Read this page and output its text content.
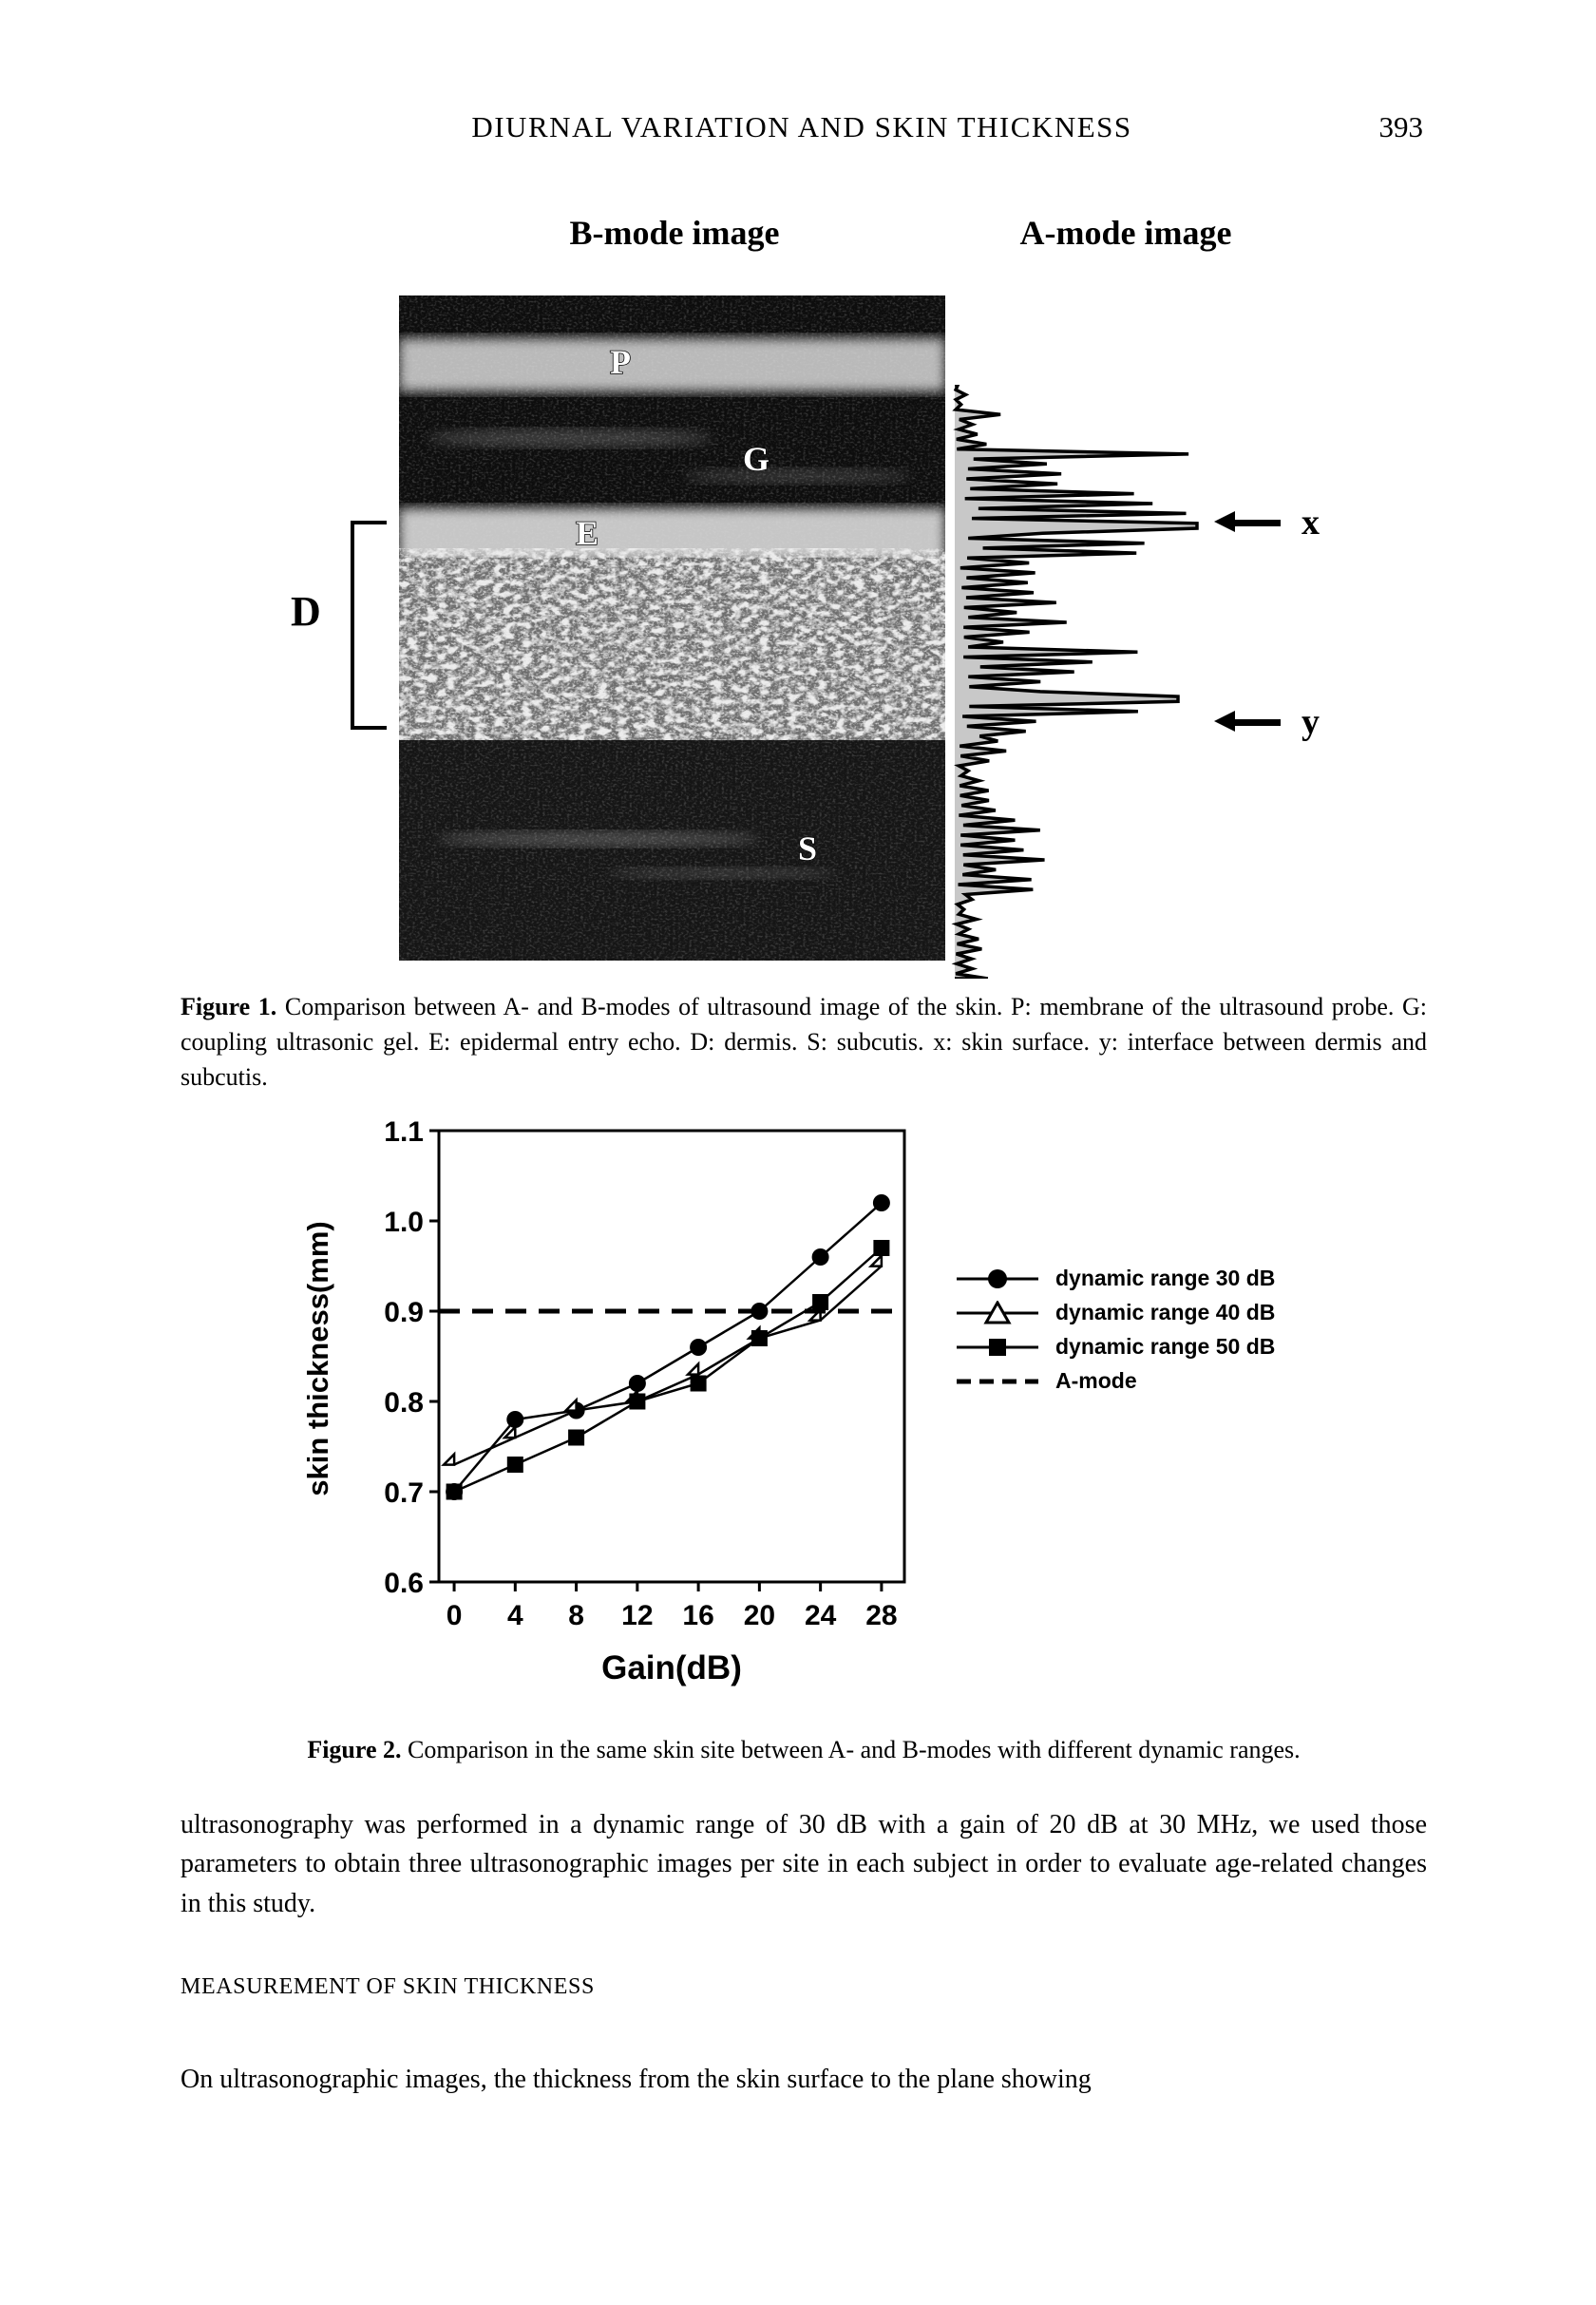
DIURNAL VARIATION AND SKIN THICKNESS	393
B-mode image	A-mode image
P
G
E
S
D
x
y

Figure 1. Comparison between A- and B-modes of ultrasound image of the skin. P: membrane of the ultrasound probe. G: coupling ultrasonic gel. E: epidermal entry echo. D: dermis. S: subcutis. x: skin surface. y: interface between dermis and subcutis.

0.6
0.7
0.8
0.9
1.0
1.1
0 4 8 12 16 20 24 28
skin thickness(mm)
Gain(dB)
dynamic range 30 dB
dynamic range 40 dB
dynamic range 50 dB
A-mode

Figure 2. Comparison in the same skin site between A- and B-modes with different dynamic ranges.

ultrasonography was performed in a dynamic range of 30 dB with a gain of 20 dB at 30 MHz, we used those parameters to obtain three ultrasonographic images per site in each subject in order to evaluate age-related changes in this study.

MEASUREMENT OF SKIN THICKNESS

On ultrasonographic images, the thickness from the skin surface to the plane showing
